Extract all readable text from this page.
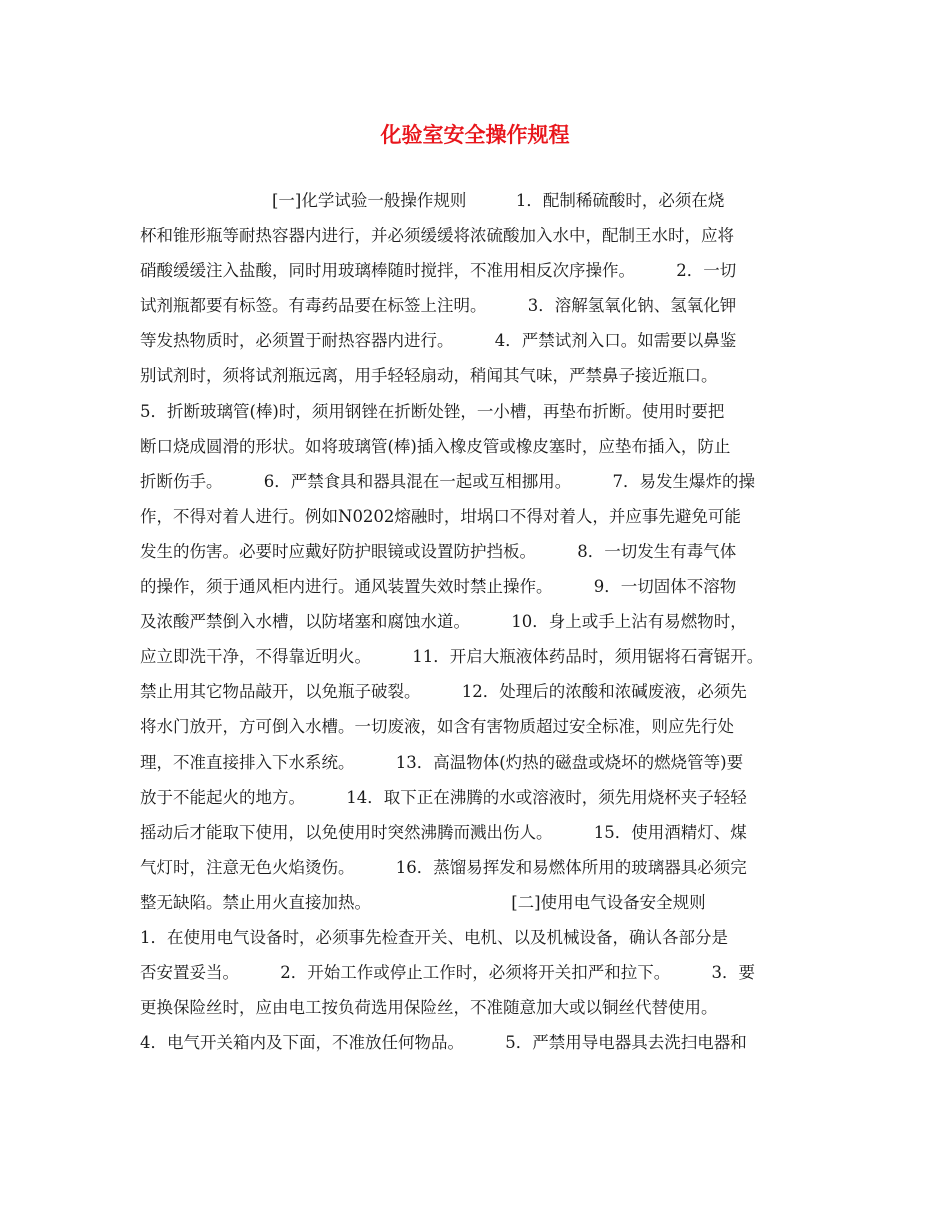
化验室安全操作规程
　　　　　　　　[一]化学试验一般操作规则　　　1．配制稀硫酸时，必须在烧
杯和锥形瓶等耐热容器内进行，并必须缓缓将浓硫酸加入水中，配制王水时，应将
硝酸缓缓注入盐酸，同时用玻璃棒随时搅拌，不准用相反次序操作。　　　2．一切
试剂瓶都要有标签。有毒药品要在标签上注明。　　　3．溶解氢氧化钠、氢氧化钾
等发热物质时，必须置于耐热容器内进行。　　　4．严禁试剂入口。如需要以鼻鉴
别试剂时，须将试剂瓶远离，用手轻轻扇动，稍闻其气味，严禁鼻子接近瓶口。
5．折断玻璃管(棒)时，须用钢锉在折断处锉，一小槽，再垫布折断。使用时要把
断口烧成圆滑的形状。如将玻璃管(棒)插入橡皮管或橡皮塞时，应垫布插入，防止
折断伤手。　　　6．严禁食具和器具混在一起或互相挪用。　　　7．易发生爆炸的操
作，不得对着人进行。例如N0202熔融时，坩埚口不得对着人，并应事先避免可能
发生的伤害。必要时应戴好防护眼镜或设置防护挡板。　　　8．一切发生有毒气体
的操作，须于通风柜内进行。通风装置失效时禁止操作。　　　9．一切固体不溶物
及浓酸严禁倒入水槽，以防堵塞和腐蚀水道。　　　10．身上或手上沾有易燃物时，
应立即洗干净，不得靠近明火。　　　11．开启大瓶液体药品时，须用锯将石膏锯开。
禁止用其它物品敲开，以免瓶子破裂。　　　12．处理后的浓酸和浓碱废液，必须先
将水门放开，方可倒入水槽。一切废液，如含有害物质超过安全标准，则应先行处
理，不准直接排入下水系统。　　　13．高温物体(灼热的磁盘或烧坏的燃烧管等)要
放于不能起火的地方。　　　14．取下正在沸腾的水或溶液时，须先用烧杯夹子轻轻
摇动后才能取下使用，以免使用时突然沸腾而溅出伤人。　　　15．使用酒精灯、煤
气灯时，注意无色火焰烫伤。　　　16．蒸馏易挥发和易燃体所用的玻璃器具必须完
整无缺陷。禁止用火直接加热。　　　　　　　　　[二]使用电气设备安全规则
1．在使用电气设备时，必须事先检查开关、电机、以及机械设备，确认各部分是
否安置妥当。　　　2．开始工作或停止工作时，必须将开关扣严和拉下。　　　3．要
更换保险丝时，应由电工按负荷选用保险丝，不准随意加大或以铜丝代替使用。
4．电气开关箱内及下面，不准放任何物品。　　　5．严禁用导电器具去洗扫电器和
